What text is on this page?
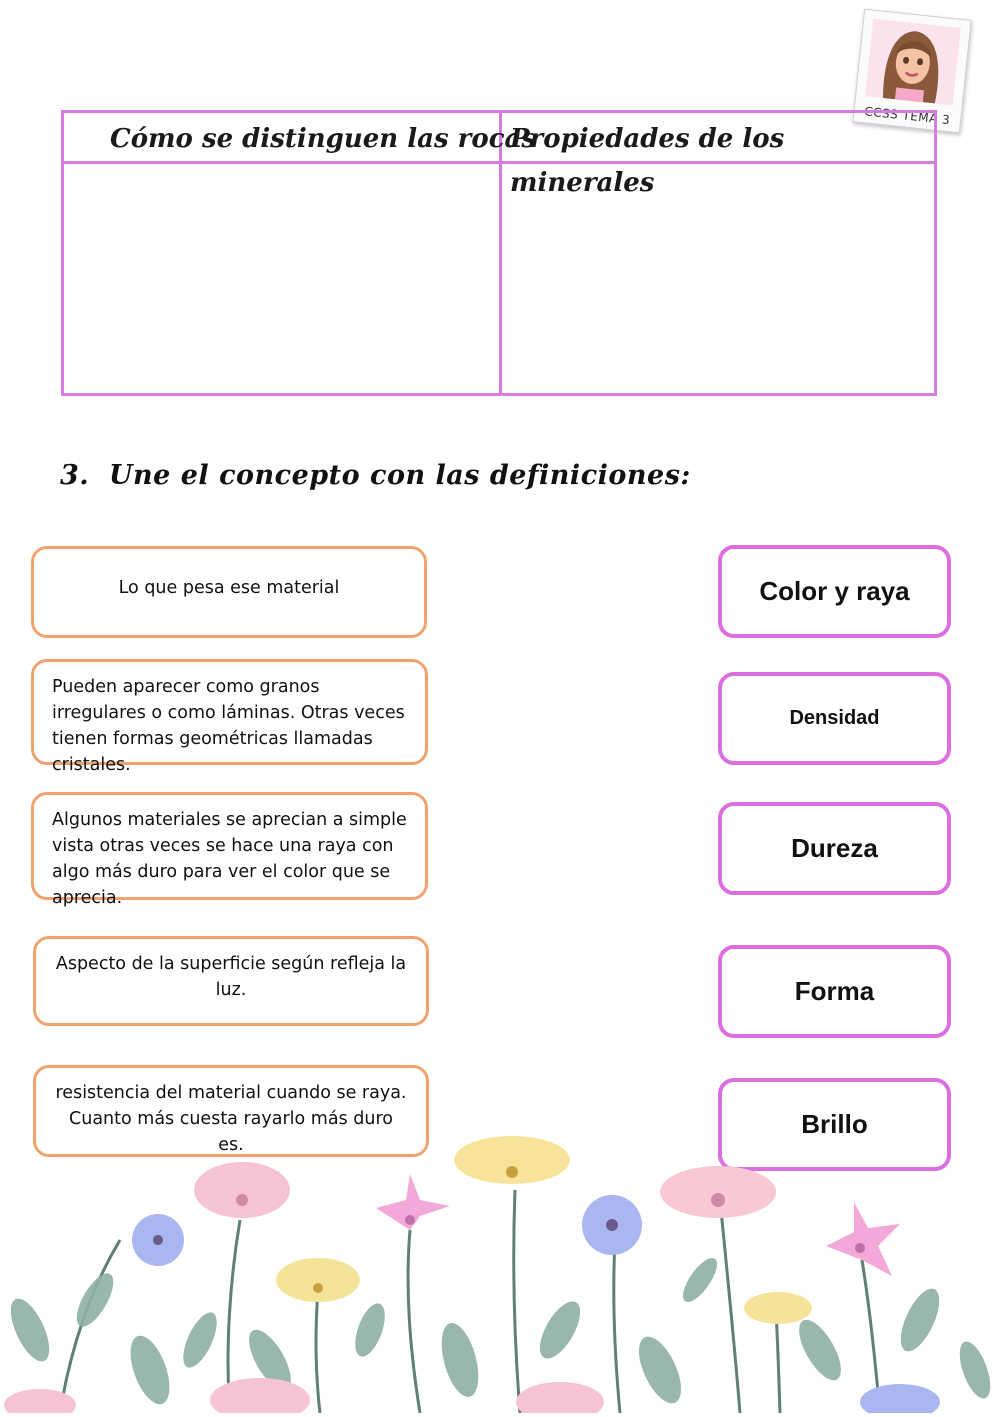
CCSS TEMA 3
Cómo se distinguen las rocas
Propiedades de los minerales
3. Une el concepto con las definiciones:
Lo que pesa ese material
Pueden aparecer como granos irregulares o como láminas. Otras veces tienen formas geométricas llamadas cristales.
Algunos materiales se aprecian a simple vista otras veces se hace una raya con algo más duro para ver el color que se aprecia.
Aspecto de la superficie según refleja la luz.
resistencia del material cuando se raya. Cuanto más cuesta rayarlo más duro es.
Color y raya
Densidad
Dureza
Forma
Brillo
